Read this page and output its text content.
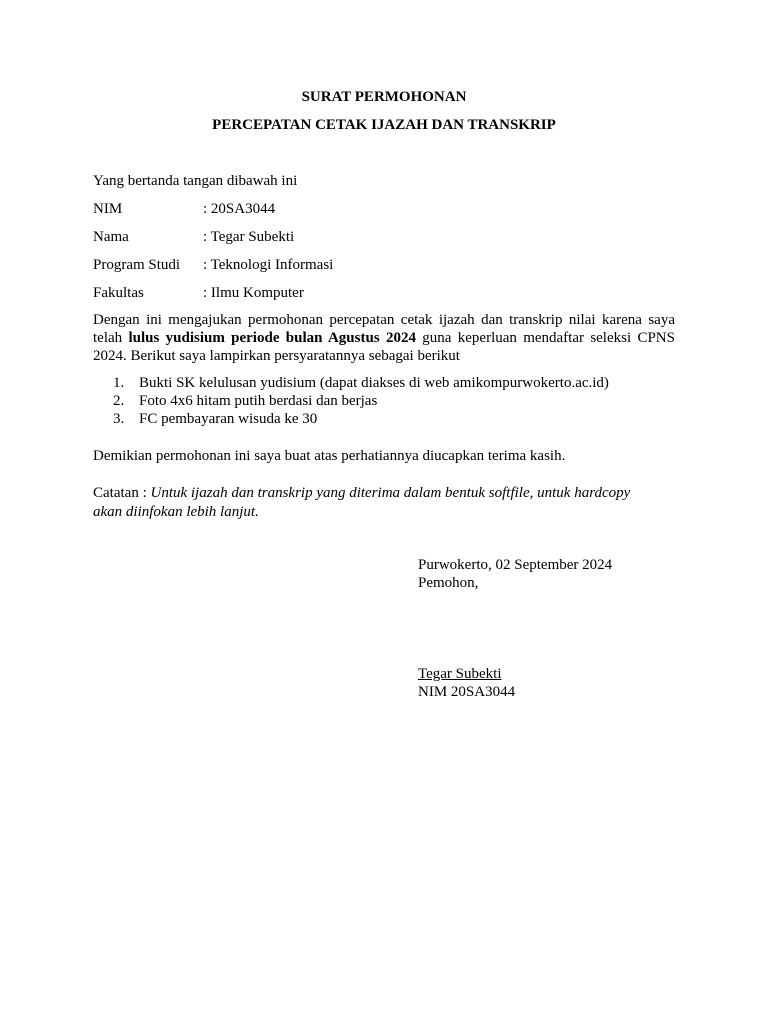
SURAT PERMOHONAN
PERCEPATAN CETAK IJAZAH DAN TRANSKRIP
Yang bertanda tangan dibawah ini
NIM	: 20SA3044
Nama	: Tegar Subekti
Program Studi	: Teknologi Informasi
Fakultas	: Ilmu Komputer
Dengan ini mengajukan permohonan percepatan cetak ijazah dan transkrip nilai karena saya telah lulus yudisium periode bulan Agustus 2024 guna keperluan mendaftar seleksi CPNS 2024. Berikut saya lampirkan persyaratannya sebagai berikut
1. Bukti SK kelulusan yudisium (dapat diakses di web amikompurwokerto.ac.id)
2. Foto 4x6 hitam putih berdasi dan berjas
3. FC pembayaran wisuda ke 30
Demikian permohonan ini saya buat atas perhatiannya diucapkan terima kasih.
Catatan : Untuk ijazah dan transkrip yang diterima dalam bentuk softfile, untuk hardcopy akan diinfokan lebih lanjut.
Purwokerto, 02 September 2024
Pemohon,
Tegar Subekti
NIM 20SA3044
